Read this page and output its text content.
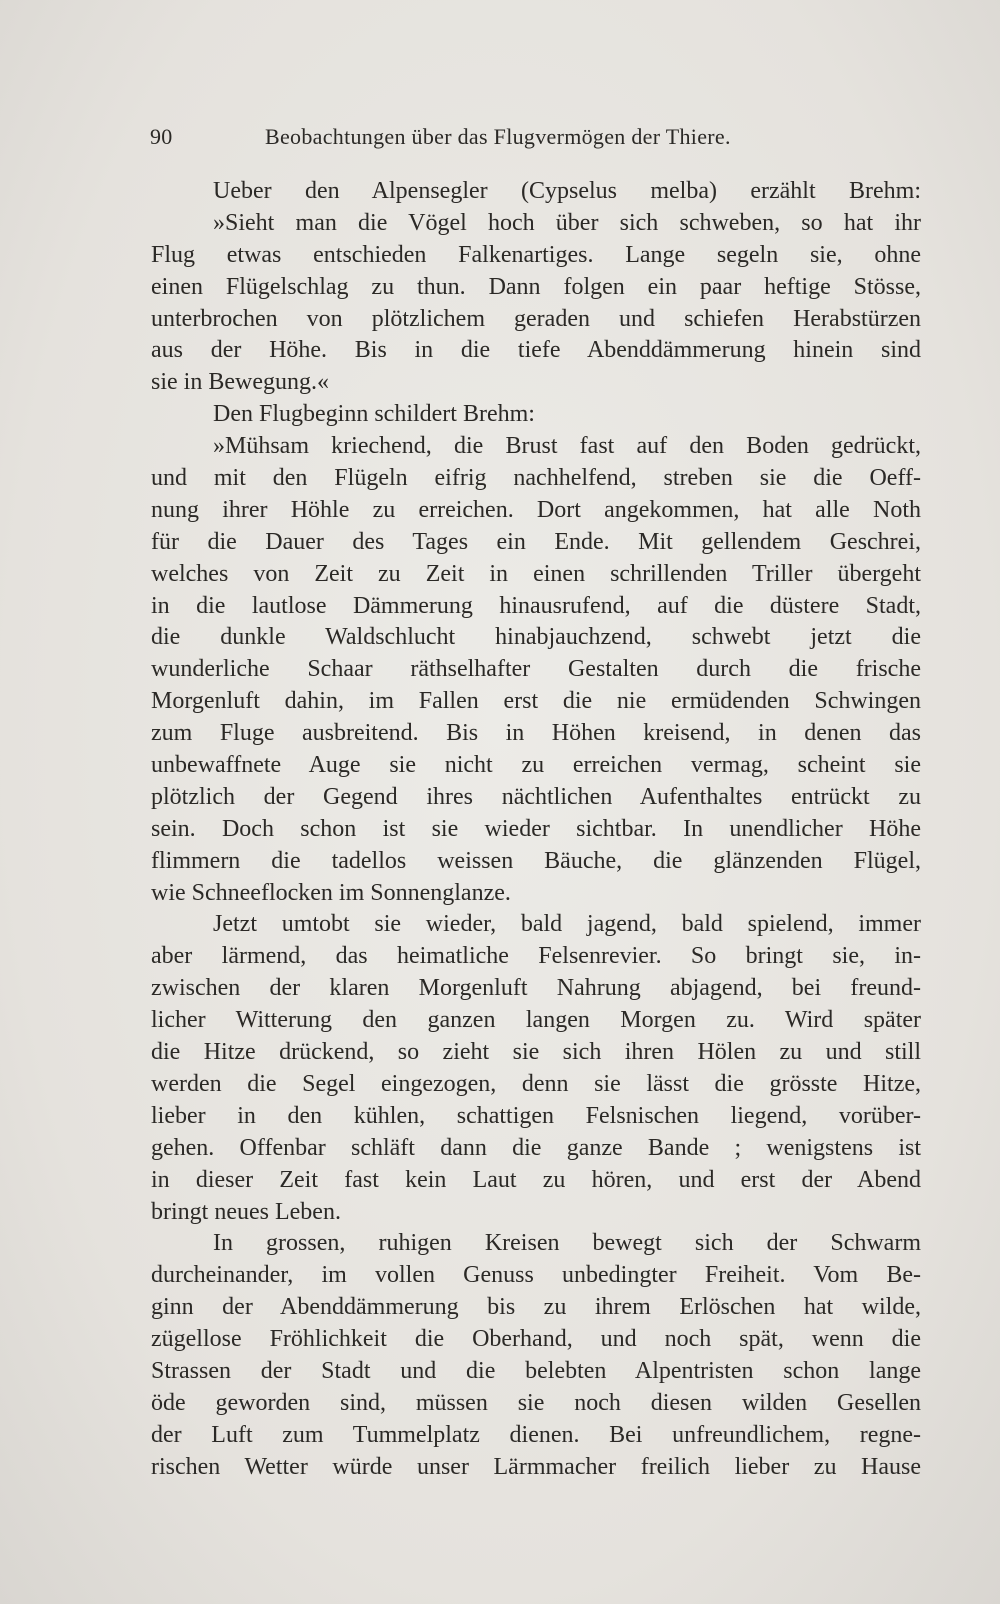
90	Beobachtungen über das Flugvermögen der Thiere.
Ueber den Alpensegler (Cypselus melba) erzählt Brehm:
»Sieht man die Vögel hoch über sich schweben, so hat ihr
Flug etwas entschieden Falkenartiges. Lange segeln sie, ohne
einen Flügelschlag zu thun. Dann folgen ein paar heftige Stösse,
unterbrochen von plötzlichem geraden und schiefen Herabstürzen
aus der Höhe. Bis in die tiefe Abenddämmerung hinein sind
sie in Bewegung.«
Den Flugbeginn schildert Brehm:
»Mühsam kriechend, die Brust fast auf den Boden gedrückt,
und mit den Flügeln eifrig nachhelfend, streben sie die Oeff-
nung ihrer Höhle zu erreichen. Dort angekommen, hat alle Noth
für die Dauer des Tages ein Ende. Mit gellendem Geschrei,
welches von Zeit zu Zeit in einen schrillenden Triller übergeht
in die lautlose Dämmerung hinausrufend, auf die düstere Stadt,
die dunkle Waldschlucht hinabjauchzend, schwebt jetzt die
wunderliche Schaar räthselhafter Gestalten durch die frische
Morgenluft dahin, im Fallen erst die nie ermüdenden Schwingen
zum Fluge ausbreitend. Bis in Höhen kreisend, in denen das
unbewaffnete Auge sie nicht zu erreichen vermag, scheint sie
plötzlich der Gegend ihres nächtlichen Aufenthaltes entrückt zu
sein. Doch schon ist sie wieder sichtbar. In unendlicher Höhe
flimmern die tadellos weissen Bäuche, die glänzenden Flügel,
wie Schneeflocken im Sonnenglanze.
Jetzt umtobt sie wieder, bald jagend, bald spielend, immer
aber lärmend, das heimatliche Felsenrevier. So bringt sie, in-
zwischen der klaren Morgenluft Nahrung abjagend, bei freund-
licher Witterung den ganzen langen Morgen zu. Wird später
die Hitze drückend, so zieht sie sich ihren Hölen zu und still
werden die Segel eingezogen, denn sie lässt die grösste Hitze,
lieber in den kühlen, schattigen Felsnischen liegend, vorüber-
gehen. Offenbar schläft dann die ganze Bande ; wenigstens ist
in dieser Zeit fast kein Laut zu hören, und erst der Abend
bringt neues Leben.
In grossen, ruhigen Kreisen bewegt sich der Schwarm
durcheinander, im vollen Genuss unbedingter Freiheit. Vom Be-
ginn der Abenddämmerung bis zu ihrem Erlöschen hat wilde,
zügellose Fröhlichkeit die Oberhand, und noch spät, wenn die
Strassen der Stadt und die belebten Alpentristen schon lange
öde geworden sind, müssen sie noch diesen wilden Gesellen
der Luft zum Tummelplatz dienen. Bei unfreundlichem, regne-
rischen Wetter würde unser Lärmmacher freilich lieber zu Hause
